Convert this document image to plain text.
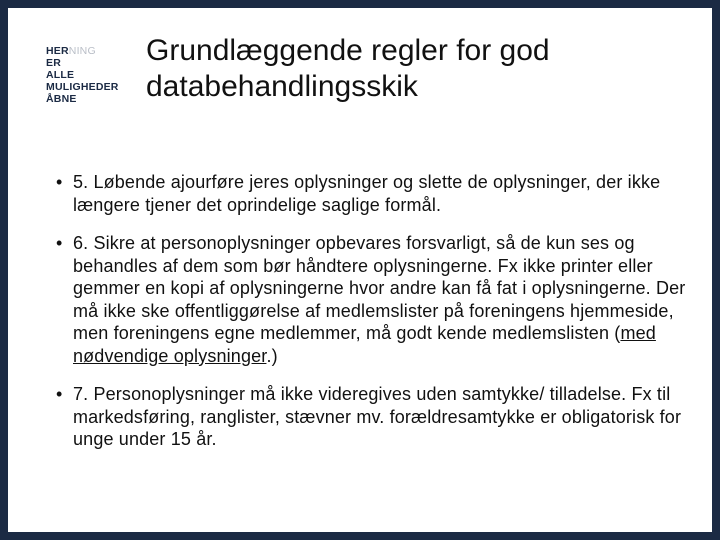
HERNING
ER
ALLE
MULIGHEDER
ÅBNE
Grundlæggende regler for god databehandlingsskik
• 5. Løbende ajourføre jeres oplysninger og slette de oplysninger, der ikke længere tjener det oprindelige saglige formål.
• 6. Sikre at personoplysninger opbevares forsvarligt, så de kun ses og behandles af dem som bør håndtere oplysningerne. Fx ikke printer eller gemmer en kopi af oplysningerne hvor andre kan få fat i oplysningerne. Der må ikke ske offentliggørelse af medlemslister på foreningens hjemmeside, men foreningens egne medlemmer, må godt kende medlemslisten (med nødvendige oplysninger.)
• 7. Personoplysninger må ikke videregives uden samtykke/ tilladelse. Fx til markedsføring, ranglister, stævner mv. forældresamtykke er obligatorisk for unge under 15 år.
